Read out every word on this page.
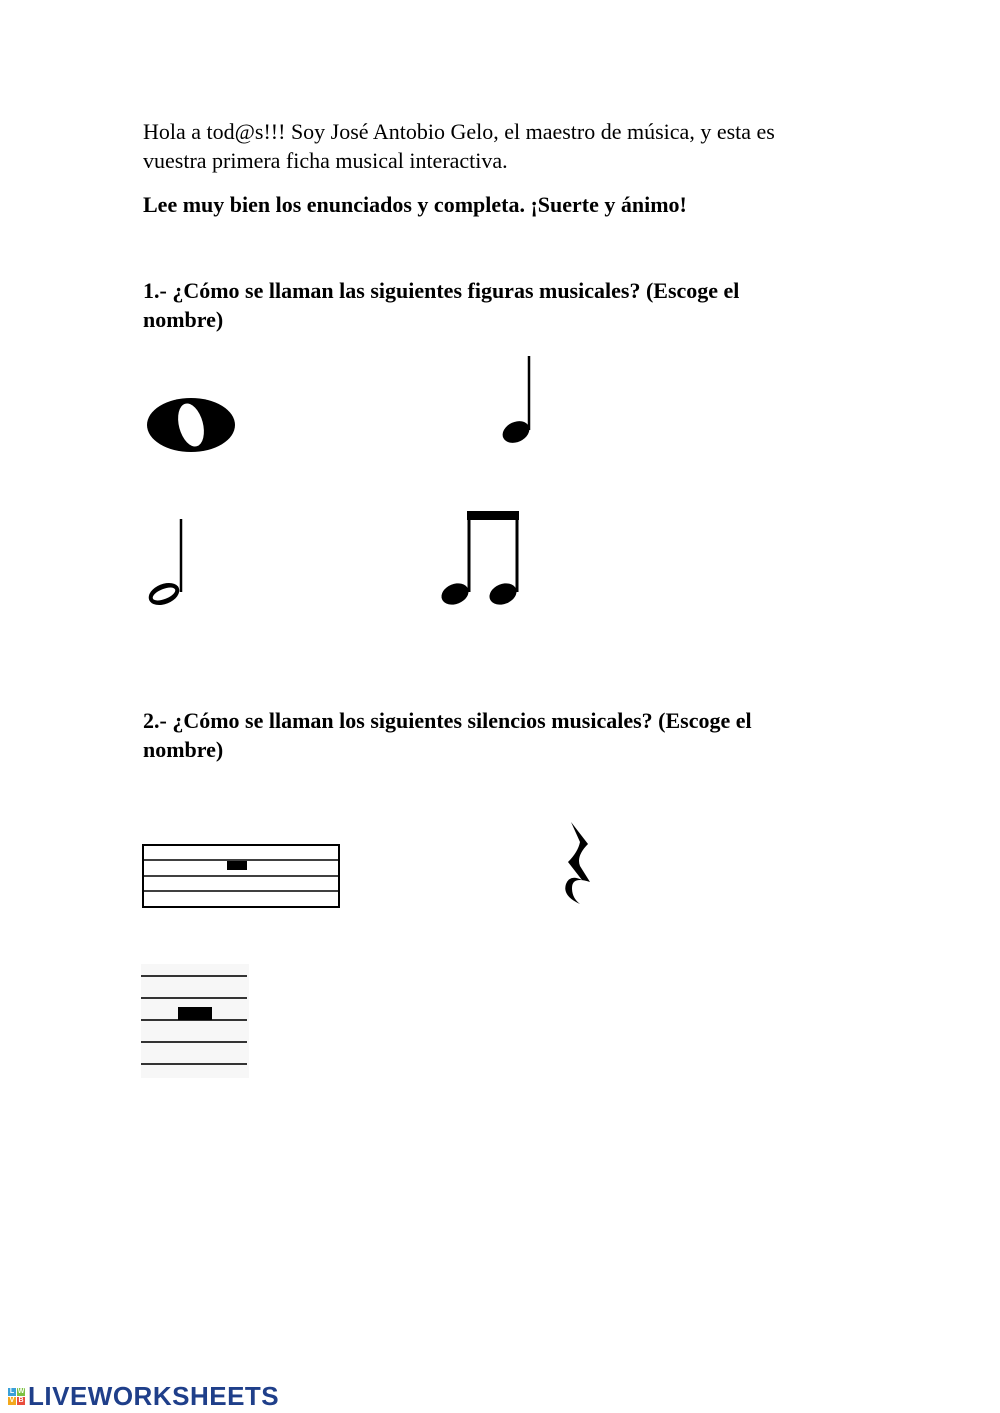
Hola a tod@s!!! Soy José Antobio Gelo, el maestro de música, y esta es vuestra primera ficha musical interactiva.

Lee muy bien los enunciados y completa. ¡Suerte y ánimo!

1.- ¿Cómo se llaman las siguientes figuras musicales? (Escoge el nombre)

2.- ¿Cómo se llaman los siguientes silencios musicales? (Escoge el nombre)

L W
V B LIVEWORKSHEETS
